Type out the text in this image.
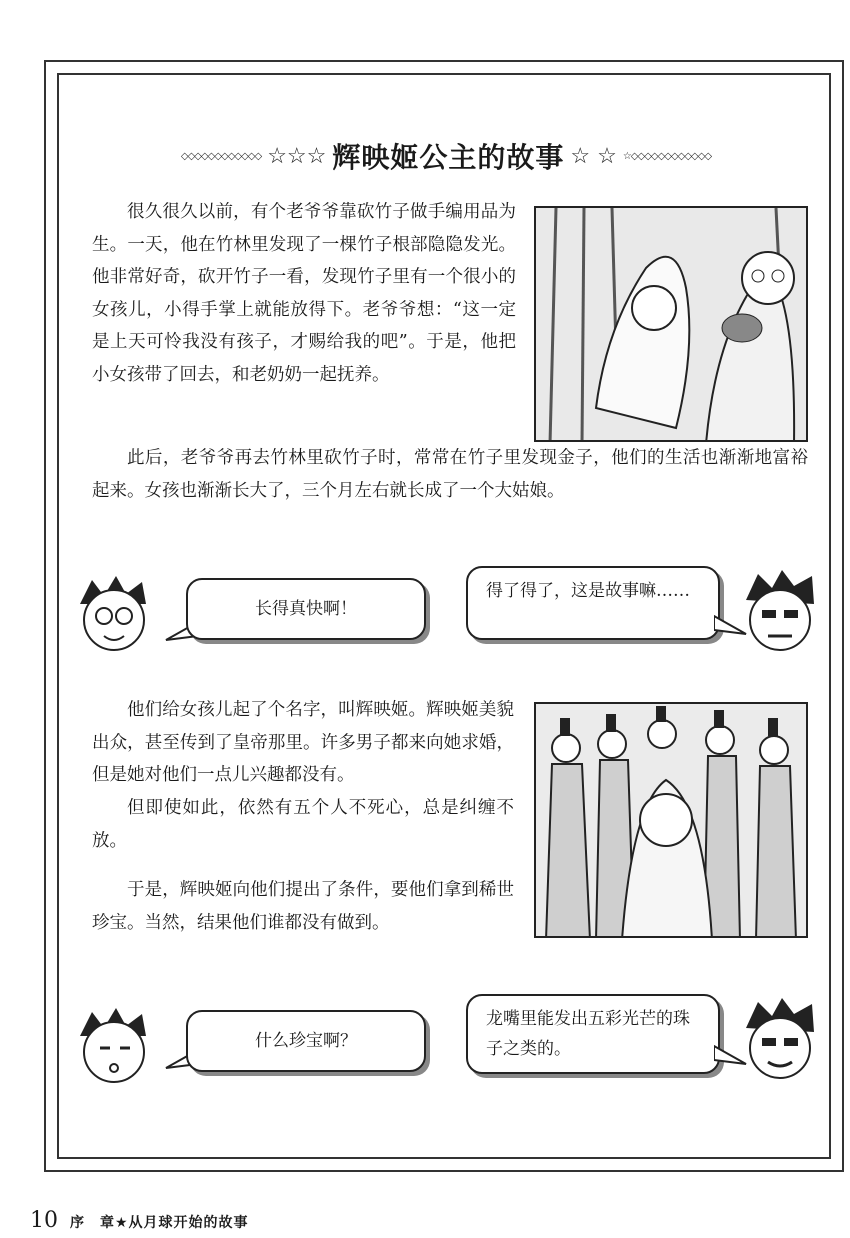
◇◇◇◇◇◇◇◇◇◇◇◇ ☆☆☆ 辉映姬公主的故事 ☆ ☆ ☆◇◇◇◇◇◇◇◇◇◇◇◇

很久很久以前，有个老爷爷靠砍竹子做手编用品为生。一天，他在竹林里发现了一棵竹子根部隐隐发光。他非常好奇，砍开竹子一看，发现竹子里有一个很小的女孩儿，小得手掌上就能放得下。老爷爷想：“这一定是上天可怜我没有孩子，才赐给我的吧”。于是，他把小女孩带了回去，和老奶奶一起抚养。

此后，老爷爷再去竹林里砍竹子时，常常在竹子里发现金子，他们的生活也渐渐地富裕起来。女孩也渐渐长大了，三个月左右就长成了一个大姑娘。

长得真快啊！
得了得了，这是故事嘛……

他们给女孩儿起了个名字，叫辉映姬。辉映姬美貌出众，甚至传到了皇帝那里。许多男子都来向她求婚，但是她对他们一点儿兴趣都没有。

但即使如此，依然有五个人不死心，总是纠缠不放。

于是，辉映姬向他们提出了条件，要他们拿到稀世珍宝。当然，结果他们谁都没有做到。

什么珍宝啊？
龙嘴里能发出五彩光芒的珠子之类的。
10 序　章★从月球开始的故事
